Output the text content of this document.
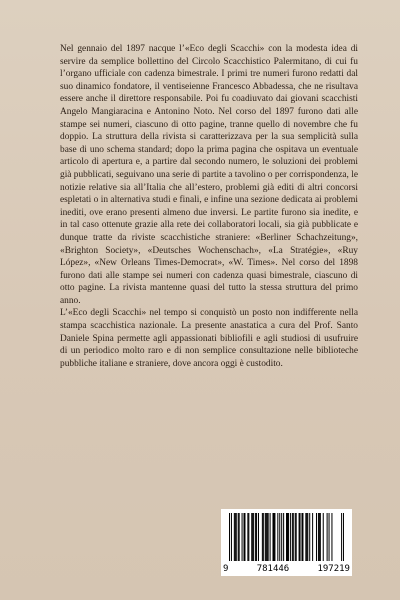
Nel gennaio del 1897 nacque l’«Eco degli Scacchi» con la modesta idea di servire da semplice bollettino del Circolo Scacchistico Palermitano, di cui fu l’organo ufficiale con cadenza bimestrale. I primi tre numeri furono redatti dal suo dinamico fondatore, il ventiseienne Francesco Abbadessa, che ne risultava essere anche il direttore responsabile. Poi fu coadiuvato dai giovani scacchisti Angelo Mangiaracina e Antonino Noto. Nel corso del 1897 furono dati alle stampe sei numeri, ciascuno di otto pagine, tranne quello di novembre che fu doppio. La struttura della rivista si caratterizzava per la sua semplicità sulla base di uno schema standard; dopo la prima pagina che ospitava un eventuale articolo di apertura e, a partire dal secondo numero, le soluzioni dei problemi già pubblicati, seguivano una serie di partite a tavolino o per corrispondenza, le notizie relative sia all’Italia che all’estero, problemi già editi di altri concorsi espletati o in alternativa studi e finali, e infine una sezione dedicata ai problemi inediti, ove erano presenti almeno due inversi. Le partite furono sia inedite, e in tal caso ottenute grazie alla rete dei collaboratori locali, sia già pubblicate e dunque tratte da riviste scacchistiche straniere: «Berliner Schachzeitung», «Brighton Society», «Deutsches Wochenschach», «La Stratégie», «Ruy López», «New Orleans Times-Democrat», «W. Times». Nel corso del 1898 furono dati alle stampe sei numeri con cadenza quasi bimestrale, ciascuno di otto pagine. La rivista mantenne quasi del tutto la stessa struttura del primo anno.

L’«Eco degli Scacchi» nel tempo si conquistò un posto non indifferente nella stampa scacchistica nazionale. La presente anastatica a cura del Prof. Santo Daniele Spina permette agli appassionati bibliofili e agli studiosi di usufruire di un periodico molto raro e di non semplice consultazione nelle biblioteche pubbliche italiane e straniere, dove ancora oggi è custodito.

9	781446	197219
